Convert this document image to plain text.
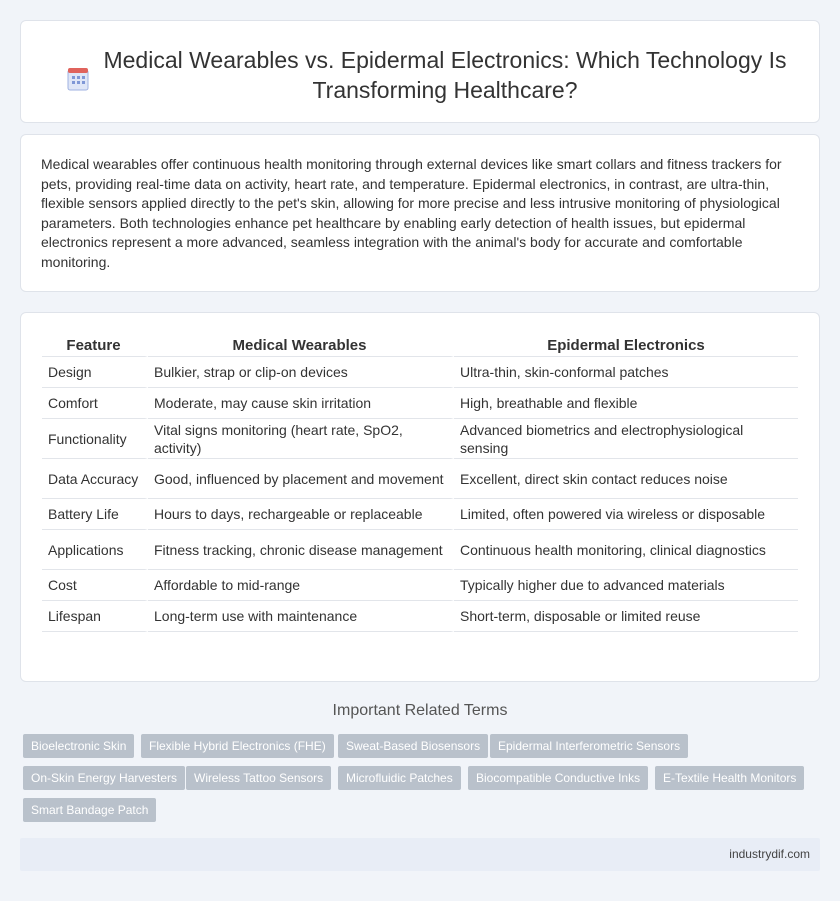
Medical Wearables vs. Epidermal Electronics: Which Technology Is Transforming Healthcare?

Medical wearables offer continuous health monitoring through external devices like smart collars and fitness trackers for pets, providing real-time data on activity, heart rate, and temperature. Epidermal electronics, in contrast, are ultra-thin, flexible sensors applied directly to the pet's skin, allowing for more precise and less intrusive monitoring of physiological parameters. Both technologies enhance pet healthcare by enabling early detection of health issues, but epidermal electronics represent a more advanced, seamless integration with the animal's body for accurate and comfortable monitoring.

Feature	Medical Wearables	Epidermal Electronics
Design	Bulkier, strap or clip-on devices	Ultra-thin, skin-conformal patches
Comfort	Moderate, may cause skin irritation	High, breathable and flexible
Functionality	Vital signs monitoring (heart rate, SpO2, activity)	Advanced biometrics and electrophysiological sensing
Data Accuracy	Good, influenced by placement and movement	Excellent, direct skin contact reduces noise
Battery Life	Hours to days, rechargeable or replaceable	Limited, often powered via wireless or disposable
Applications	Fitness tracking, chronic disease management	Continuous health monitoring, clinical diagnostics
Cost	Affordable to mid-range	Typically higher due to advanced materials
Lifespan	Long-term use with maintenance	Short-term, disposable or limited reuse
Important Related Terms
Bioelectronic Skin	Flexible Hybrid Electronics (FHE)	Sweat-Based Biosensors	Epidermal Interferometric Sensors
On-Skin Energy Harvesters	Wireless Tattoo Sensors	Microfluidic Patches	Biocompatible Conductive Inks	E-Textile Health Monitors
Smart Bandage Patch
industrydif.com
